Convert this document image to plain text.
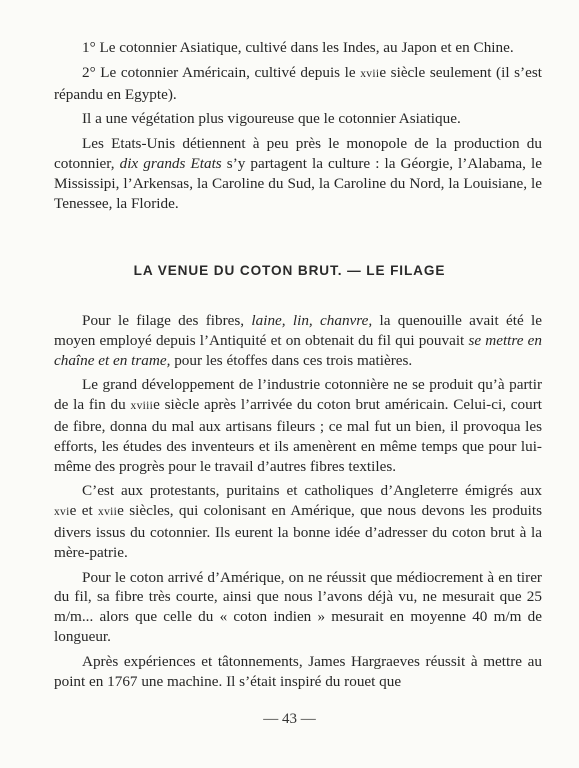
1° Le cotonnier Asiatique, cultivé dans les Indes, au Japon et en Chine.

2° Le cotonnier Américain, cultivé depuis le xviie siècle seulement (il s’est répandu en Egypte).

Il a une végétation plus vigoureuse que le cotonnier Asiatique.

Les Etats-Unis détiennent à peu près le monopole de la production du cotonnier, dix grands Etats s’y partagent la culture : la Géorgie, l’Alabama, le Mississipi, l’Arkensas, la Caroline du Sud, la Caroline du Nord, la Louisiane, le Tenessee, la Floride.

LA VENUE DU COTON BRUT. — LE FILAGE

Pour le filage des fibres, laine, lin, chanvre, la quenouille avait été le moyen employé depuis l’Antiquité et on obtenait du fil qui pouvait se mettre en chaîne et en trame, pour les étoffes dans ces trois matières.

Le grand développement de l’industrie cotonnière ne se produit qu’à partir de la fin du xviiie siècle après l’arrivée du coton brut américain. Celui-ci, court de fibre, donna du mal aux artisans fileurs ; ce mal fut un bien, il provoqua les efforts, les études des inventeurs et ils amenèrent en même temps que pour lui-même des progrès pour le travail d’autres fibres textiles.

C’est aux protestants, puritains et catholiques d’Angleterre émigrés aux xvie et xviie siècles, qui colonisant en Amérique, que nous devons les produits divers issus du cotonnier. Ils eurent la bonne idée d’adresser du coton brut à la mère-patrie.

Pour le coton arrivé d’Amérique, on ne réussit que médiocrement à en tirer du fil, sa fibre très courte, ainsi que nous l’avons déjà vu, ne mesurait que 25 m/m... alors que celle du « coton indien » mesurait en moyenne 40 m/m de longueur.

Après expériences et tâtonnements, James Hargraeves réussit à mettre au point en 1767 une machine. Il s’était inspiré du rouet que

— 43 —
